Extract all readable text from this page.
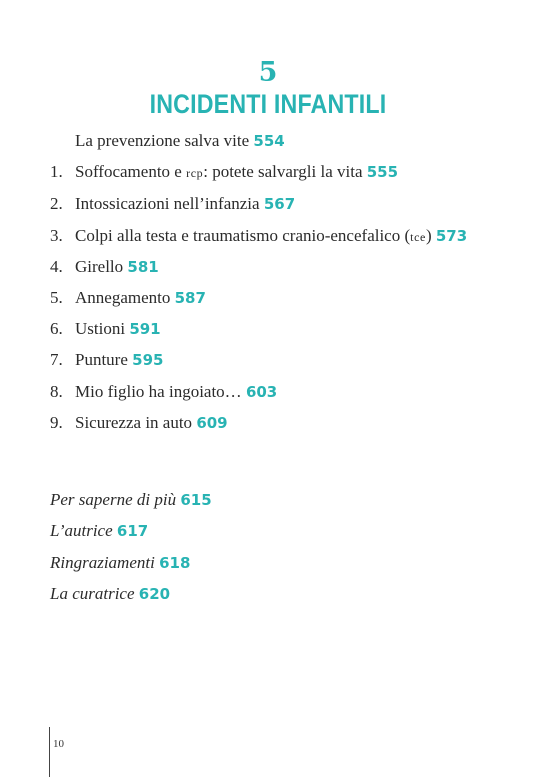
5
INCIDENTI INFANTILI
La prevenzione salva vite 554
1. Soffocamento e rcp: potete salvargli la vita 555
2. Intossicazioni nell’infanzia 567
3. Colpi alla testa e traumatismo cranio-encefalico (tce) 573
4. Girello 581
5. Annegamento 587
6. Ustioni 591
7. Punture 595
8. Mio figlio ha ingoiato… 603
9. Sicurezza in auto 609
Per saperne di più 615
L’autrice 617
Ringraziamenti 618
La curatrice 620
10
